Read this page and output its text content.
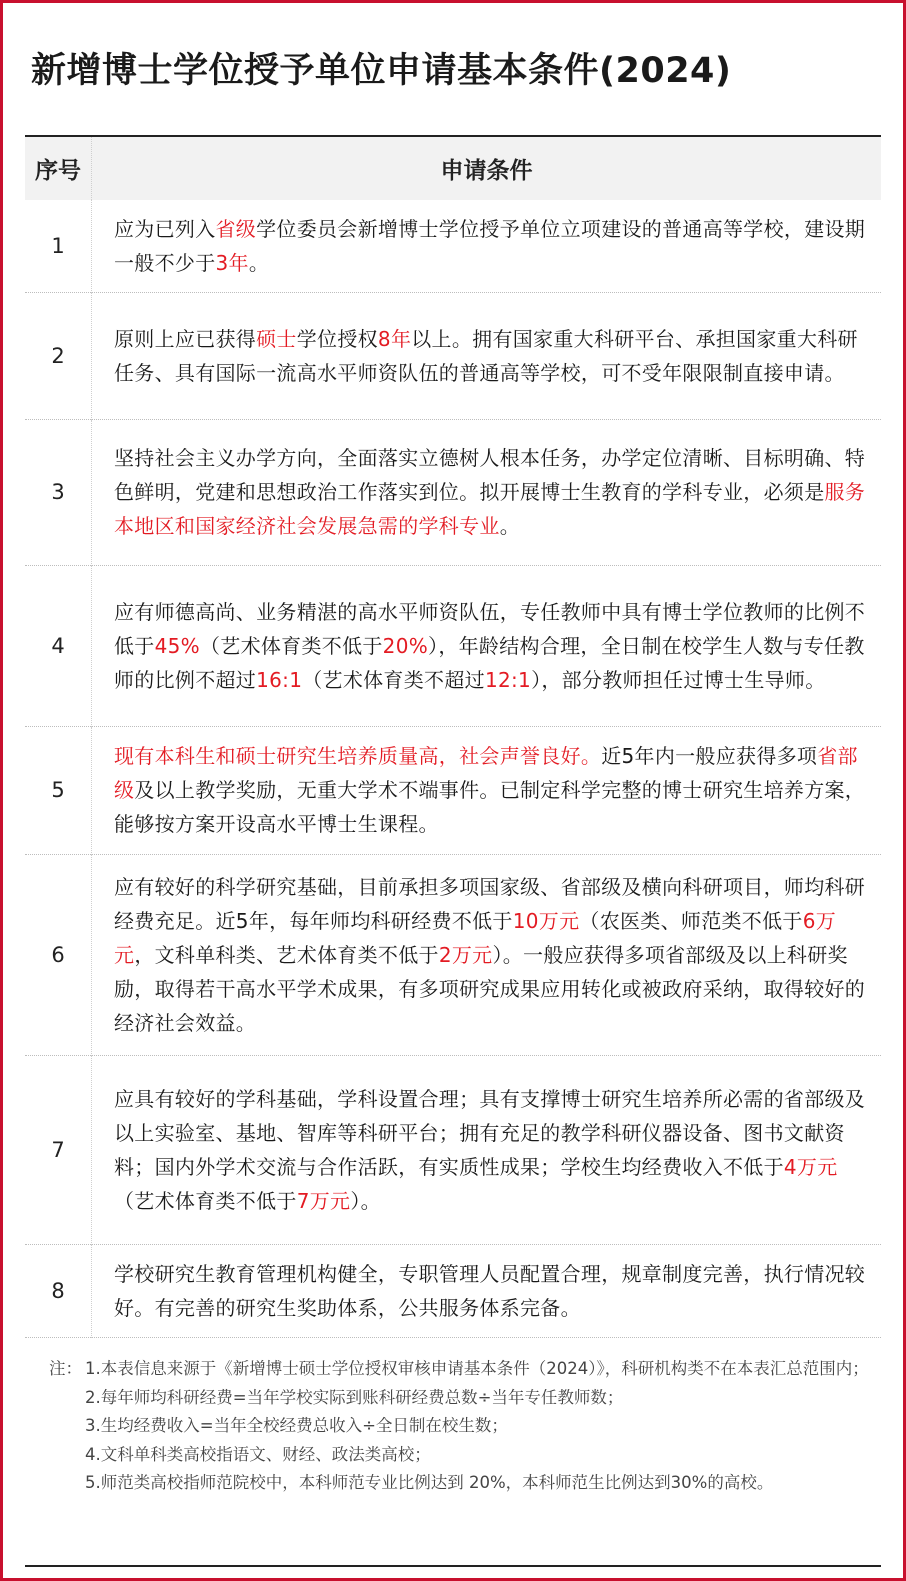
新增博士学位授予单位申请基本条件(2024)
序号	申请条件
1	应为已列入省级学位委员会新增博士学位授予单位立项建设的普通高等学校，建设期一般不少于3年。
2	原则上应已获得硕士学位授权8年以上。拥有国家重大科研平台、承担国家重大科研任务、具有国际一流高水平师资队伍的普通高等学校，可不受年限限制直接申请。
3	坚持社会主义办学方向，全面落实立德树人根本任务，办学定位清晰、目标明确、特色鲜明，党建和思想政治工作落实到位。拟开展博士生教育的学科专业，必须是服务本地区和国家经济社会发展急需的学科专业。
4	应有师德高尚、业务精湛的高水平师资队伍，专任教师中具有博士学位教师的比例不低于45%（艺术体育类不低于20%），年龄结构合理，全日制在校学生人数与专任教师的比例不超过16:1（艺术体育类不超过12:1），部分教师担任过博士生导师。
5	现有本科生和硕士研究生培养质量高，社会声誉良好。近5年内一般应获得多项省部级及以上教学奖励，无重大学术不端事件。已制定科学完整的博士研究生培养方案，能够按方案开设高水平博士生课程。
6	应有较好的科学研究基础，目前承担多项国家级、省部级及横向科研项目，师均科研经费充足。近5年，每年师均科研经费不低于10万元（农医类、师范类不低于6万元，文科单科类、艺术体育类不低于2万元）。一般应获得多项省部级及以上科研奖励，取得若干高水平学术成果，有多项研究成果应用转化或被政府采纳，取得较好的经济社会效益。
7	应具有较好的学科基础，学科设置合理；具有支撑博士研究生培养所必需的省部级及以上实验室、基地、智库等科研平台；拥有充足的教学科研仪器设备、图书文献资料；国内外学术交流与合作活跃，有实质性成果；学校生均经费收入不低于4万元（艺术体育类不低于7万元）。
8	学校研究生教育管理机构健全，专职管理人员配置合理，规章制度完善，执行情况较好。有完善的研究生奖助体系，公共服务体系完备。

注： 1.本表信息来源于《新增博士硕士学位授权审核申请基本条件（2024）》，科研机构类不在本表汇总范围内；

2.每年师均科研经费=当年学校实际到账科研经费总数÷当年专任教师数；

3.生均经费收入=当年全校经费总收入÷全日制在校生数；

4.文科单科类高校指语文、财经、政法类高校；

5.师范类高校指师范院校中，本科师范专业比例达到 20%，本科师范生比例达到30%的高校。
